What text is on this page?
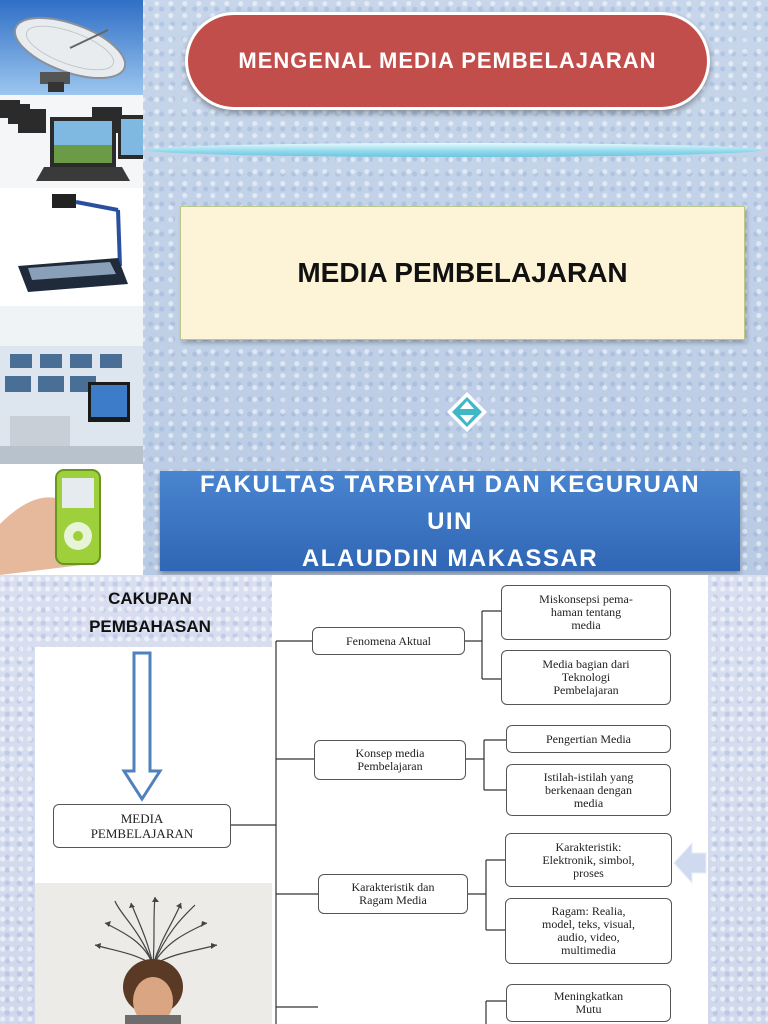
MENGENAL MEDIA PEMBELAJARAN
MEDIA PEMBELAJARAN
FAKULTAS TARBIYAH DAN KEGURUAN UIN
ALAUDDIN MAKASSAR
CAKUPAN
PEMBAHASAN
MEDIA
PEMBELAJARAN
Fenomena Aktual
Konsep media
Pembelajaran
Karakteristik dan
Ragam Media
Miskonsepsi pema-
haman tentang
media
Media bagian dari
Teknologi
Pembelajaran
Pengertian Media
Istilah-istilah yang
berkenaan dengan
media
Karakteristik:
Elektronik, simbol,
proses
Ragam: Realia,
model, teks, visual,
audio, video,
multimedia
Meningkatkan
Mutu
